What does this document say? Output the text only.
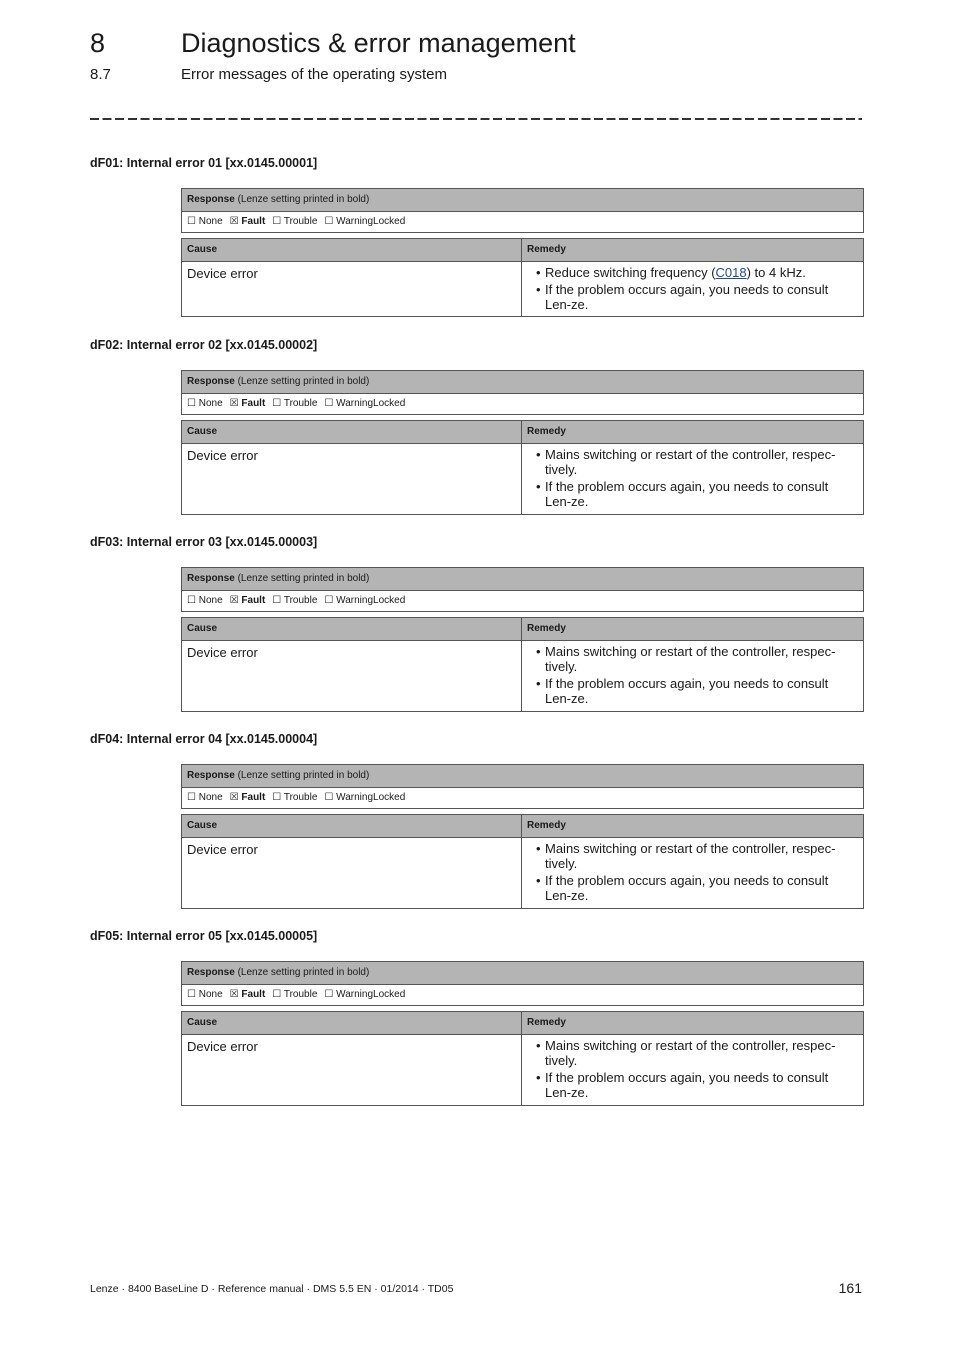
8	Diagnostics & error management
8.7	Error messages of the operating system
dF01: Internal error 01 [xx.0145.00001]
Response (Lenze setting printed in bold)
☐ None ☒ Fault ☐ Trouble ☐ WarningLocked
Cause	Remedy
Device error	• Reduce switching frequency (C018) to 4 kHz.
• If the problem occurs again, you needs to consult Len-ze.
dF02: Internal error 02 [xx.0145.00002]
Response (Lenze setting printed in bold)
☐ None ☒ Fault ☐ Trouble ☐ WarningLocked
Cause	Remedy
Device error	• Mains switching or restart of the controller, respec-tively.
• If the problem occurs again, you needs to consult Len-ze.
dF03: Internal error 03 [xx.0145.00003]
Response (Lenze setting printed in bold)
☐ None ☒ Fault ☐ Trouble ☐ WarningLocked
Cause	Remedy
Device error	• Mains switching or restart of the controller, respec-tively.
• If the problem occurs again, you needs to consult Len-ze.
dF04: Internal error 04 [xx.0145.00004]
Response (Lenze setting printed in bold)
☐ None ☒ Fault ☐ Trouble ☐ WarningLocked
Cause	Remedy
Device error	• Mains switching or restart of the controller, respec-tively.
• If the problem occurs again, you needs to consult Len-ze.
dF05: Internal error 05 [xx.0145.00005]
Response (Lenze setting printed in bold)
☐ None ☒ Fault ☐ Trouble ☐ WarningLocked
Cause	Remedy
Device error	• Mains switching or restart of the controller, respec-tively.
• If the problem occurs again, you needs to consult Len-ze.
Lenze · 8400 BaseLine D · Reference manual · DMS 5.5 EN · 01/2014 · TD05	161
